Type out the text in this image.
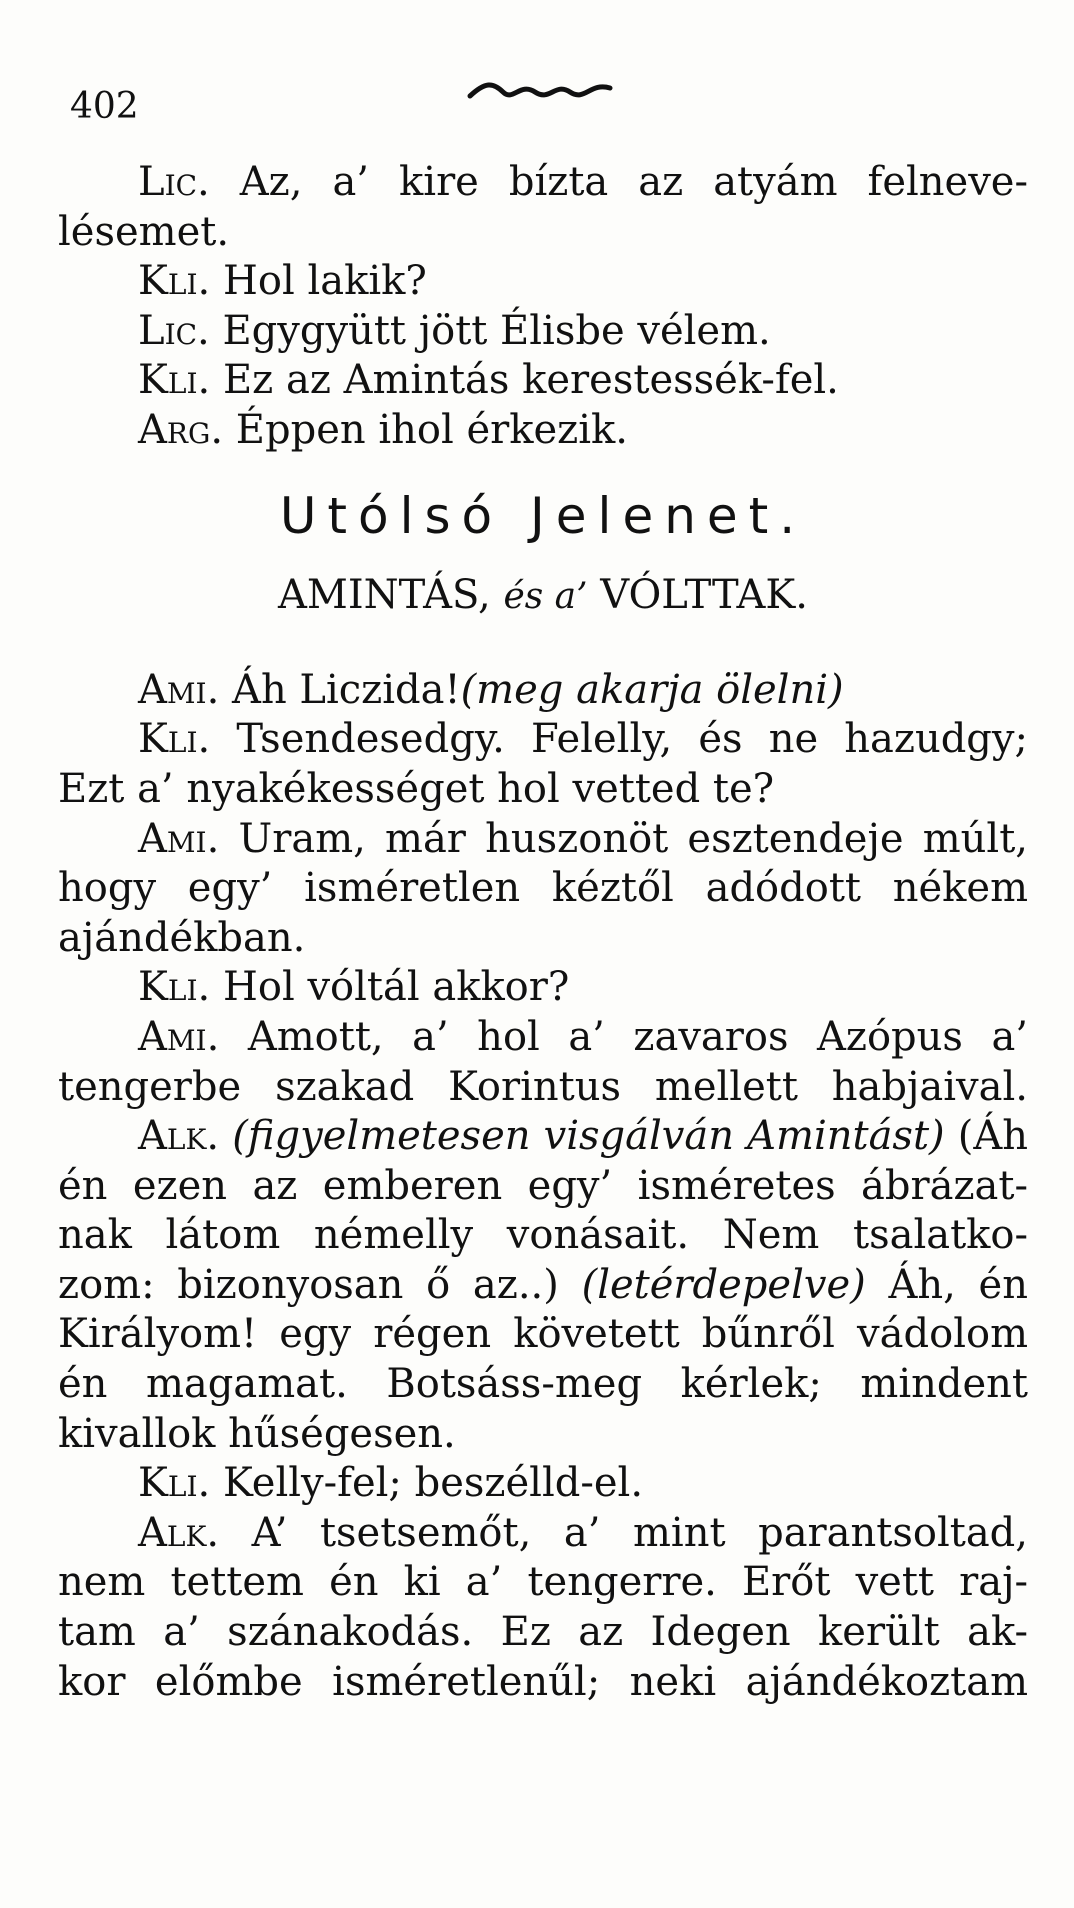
402
Lic. Az, a’ kire bízta az atyám felneve-
lésemet.
Kli. Hol lakik?
Lic. Egygyütt jött Élisbe vélem.
Kli. Ez az Amintás kerestessék-fel.
Arg. Éppen ihol érkezik.
Utólsó Jelenet.
AMINTÁS, és a’ VÓLTTAK.
Ami. Áh Liczida!(meg akarja ölelni)
Kli. Tsendesedgy. Felelly, és ne hazudgy;
Ezt a’ nyakékességet hol vetted te?
Ami. Uram, már huszonöt esztendeje múlt,
hogy egy’ isméretlen kéztől adódott nékem
ajándékban.
Kli. Hol vóltál akkor?
Ami. Amott, a’ hol a’ zavaros Azópus a’
tengerbe szakad Korintus mellett habjaival.
Alk. (figyelmetesen visgálván Amintást) (Áh
én ezen az emberen egy’ isméretes ábrázat-
nak látom némelly vonásait. Nem tsalatko-
zom: bizonyosan ő az..) (letérdepelve) Áh, én
Királyom! egy régen követett bűnről vádolom
én magamat. Botsáss-meg kérlek; mindent
kivallok hűségesen.
Kli. Kelly-fel; beszélld-el.
Alk. A’ tsetsemőt, a’ mint parantsoltad,
nem tettem én ki a’ tengerre. Erőt vett raj-
tam a’ szánakodás. Ez az Idegen került ak-
kor előmbe isméretlenűl; neki ajándékoztam
